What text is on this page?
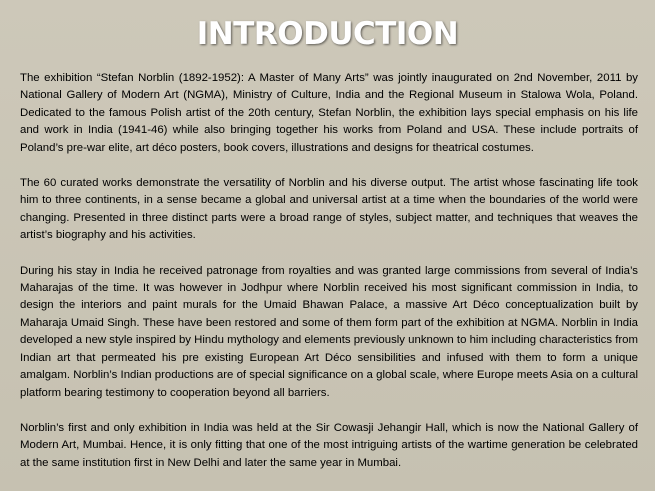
INTRODUCTION

The exhibition “Stefan Norblin (1892-1952): A Master of Many Arts” was jointly inaugurated on 2nd November, 2011 by National Gallery of Modern Art (NGMA), Ministry of Culture, India and the Regional Museum in Stalowa Wola, Poland. Dedicated to the famous Polish artist of the 20th century, Stefan Norblin, the exhibition lays special emphasis on his life and work in India (1941-46) while also bringing together his works from Poland and USA. These include portraits of Poland’s pre-war elite, art déco posters, book covers, illustrations and designs for theatrical costumes.

The 60 curated works demonstrate the versatility of Norblin and his diverse output. The artist whose fascinating life took him to three continents, in a sense became a global and universal artist at a time when the boundaries of the world were changing. Presented in three distinct parts were a broad range of styles, subject matter, and techniques that weaves the artist’s biography and his activities.

During his stay in India he received patronage from royalties and was granted large commissions from several of India’s Maharajas of the time. It was however in Jodhpur where Norblin received his most significant commission in India, to design the interiors and paint murals for the Umaid Bhawan Palace, a massive Art Déco conceptualization built by Maharaja Umaid Singh. These have been restored and some of them form part of the exhibition at NGMA. Norblin in India developed a new style inspired by Hindu mythology and elements previously unknown to him including characteristics from Indian art that permeated his pre existing European Art Déco sensibilities and infused with them to form a unique amalgam. Norblin’s Indian productions are of special significance on a global scale, where Europe meets Asia on a cultural platform bearing testimony to cooperation beyond all barriers.

Norblin’s first and only exhibition in India was held at the Sir Cowasji Jehangir Hall, which is now the National Gallery of Modern Art, Mumbai. Hence, it is only fitting that one of the most intriguing artists of the wartime generation be celebrated at the same institution first in New Delhi and later the same year in Mumbai.
